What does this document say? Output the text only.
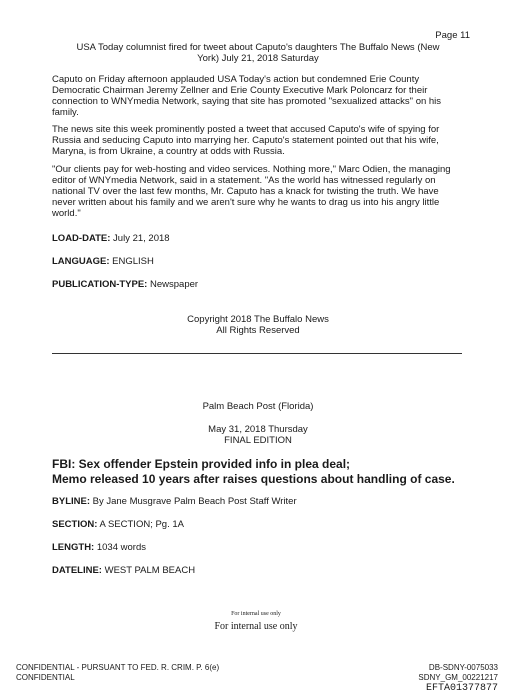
Page 11
USA Today columnist fired for tweet about Caputo's daughters The Buffalo News (New
York) July 21, 2018 Saturday
Caputo on Friday afternoon applauded USA Today's action but condemned Erie County Democratic Chairman Jeremy Zellner and Erie County Executive Mark Poloncarz for their connection to WNYmedia Network, saying that site has promoted "sexualized attacks" on his family.
The news site this week prominently posted a tweet that accused Caputo's wife of spying for Russia and seducing Caputo into marrying her. Caputo's statement pointed out that his wife, Maryna, is from Ukraine, a country at odds with Russia.
"Our clients pay for web-hosting and video services. Nothing more," Marc Odien, the managing editor of WNYmedia Network, said in a statement. "As the world has witnessed regularly on national TV over the last few months, Mr. Caputo has a knack for twisting the truth. We have never written about his family and we aren't sure why he wants to drag us into his angry little world."
LOAD-DATE: July 21, 2018
LANGUAGE: ENGLISH
PUBLICATION-TYPE: Newspaper
Copyright 2018 The Buffalo News
All Rights Reserved
Palm Beach Post (Florida)
May 31, 2018 Thursday
FINAL EDITION
FBI: Sex offender Epstein provided info in plea deal;
Memo released 10 years after raises questions about handling of case.
BYLINE: By Jane Musgrave Palm Beach Post Staff Writer
SECTION: A SECTION; Pg. 1A
LENGTH: 1034 words
DATELINE: WEST PALM BEACH
For internal use only
For internal use only
CONFIDENTIAL - PURSUANT TO FED. R. CRIM. P. 6(e)
CONFIDENTIAL
DB-SDNY-0075033
SDNY_GM_00221217
EFTA01377877
